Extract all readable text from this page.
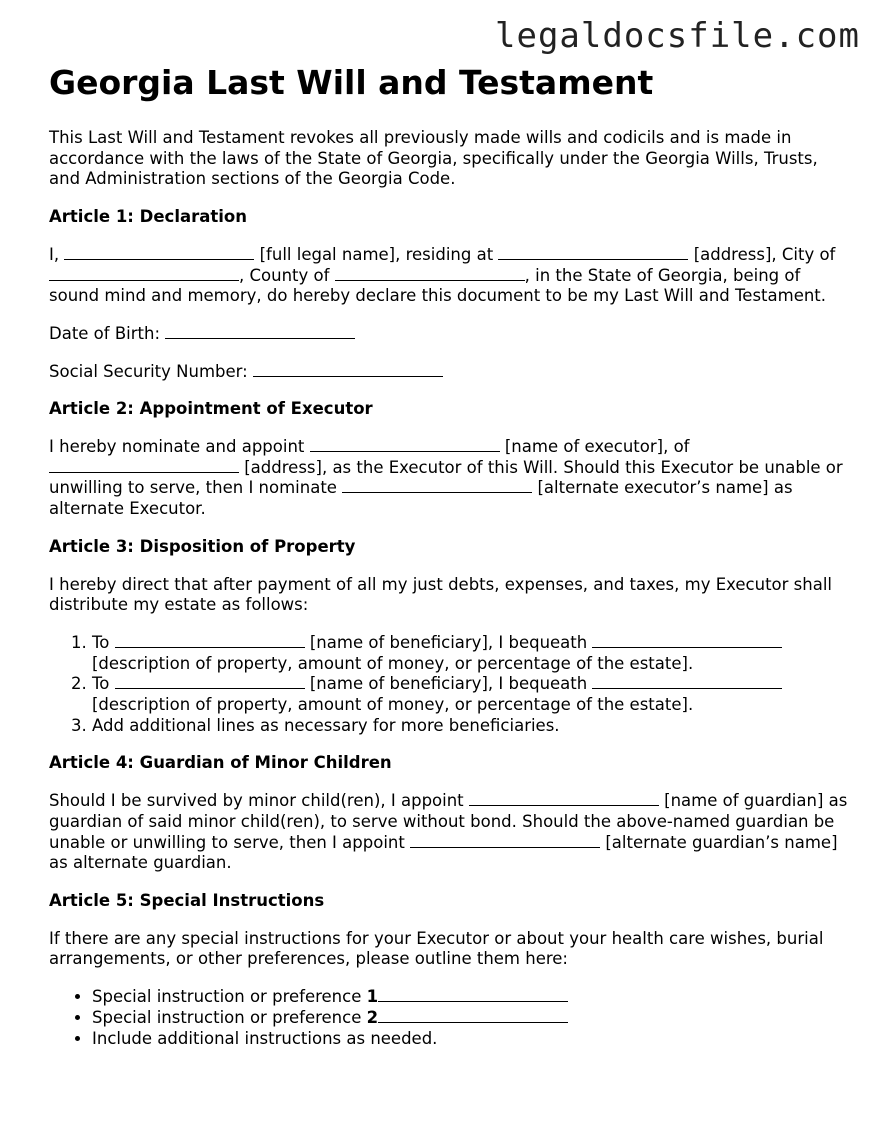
legaldocsfile.com

Georgia Last Will and Testament

This Last Will and Testament revokes all previously made wills and codicils and is made in accordance with the laws of the State of Georgia, specifically under the Georgia Wills, Trusts, and Administration sections of the Georgia Code.

Article 1: Declaration

I,	[full legal name], residing at	[address], City of , County of	, in the State of Georgia, being of sound mind and memory, do hereby declare this document to be my Last Will and Testament.

Date of Birth:

Social Security Number:

Article 2: Appointment of Executor

I hereby nominate and appoint	[name of executor], of  [address], as the Executor of this Will. Should this Executor be unable or unwilling to serve, then I nominate	[alternate executor’s name] as alternate Executor.

Article 3: Disposition of Property

I hereby direct that after payment of all my just debts, expenses, and taxes, my Executor shall distribute my estate as follows:

1. To	[name of beneficiary], I bequeath  [description of property, amount of money, or percentage of the estate].
2. To	[name of beneficiary], I bequeath  [description of property, amount of money, or percentage of the estate].
3. Add additional lines as necessary for more beneficiaries.
Article 4: Guardian of Minor Children

Should I be survived by minor child(ren), I appoint	[name of guardian] as guardian of said minor child(ren), to serve without bond. Should the above-named guardian be unable or unwilling to serve, then I appoint	[alternate guardian’s name] as alternate guardian.

Article 5: Special Instructions

If there are any special instructions for your Executor or about your health care wishes, burial arrangements, or other preferences, please outline them here:

• Special instruction or preference 1
• Special instruction or preference 2
• Include additional instructions as needed.
